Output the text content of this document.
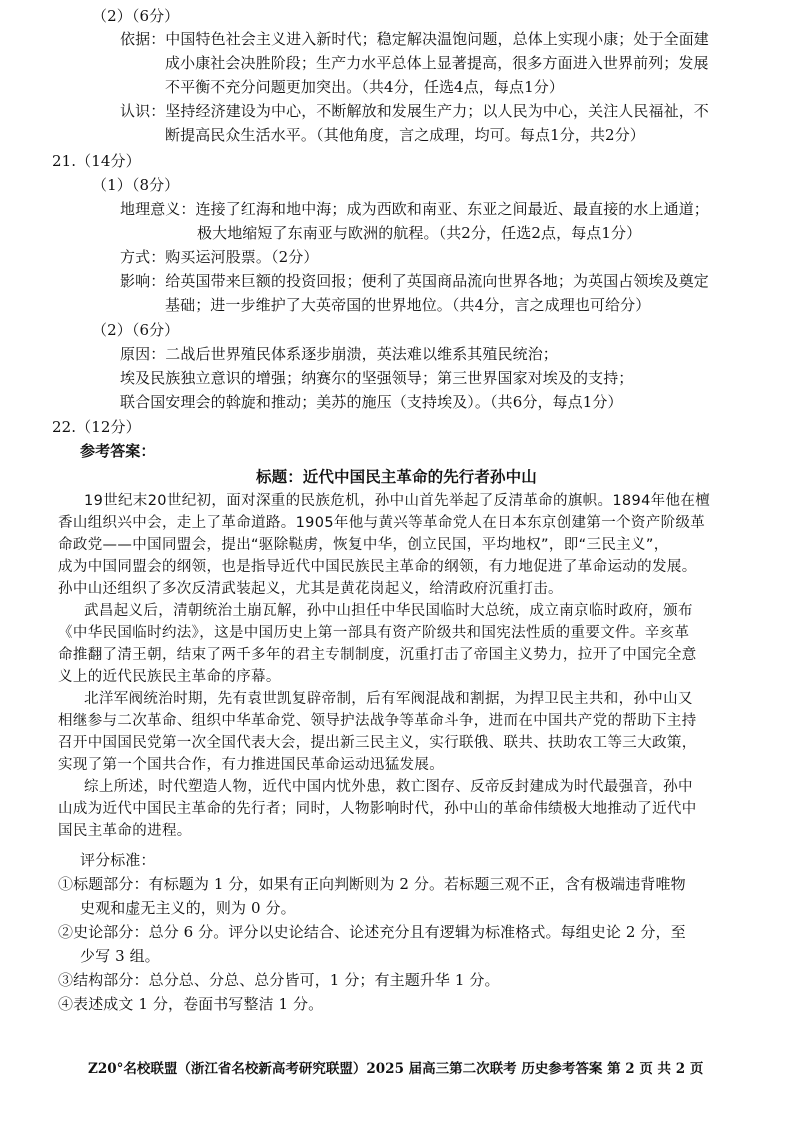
（2）（6分）
依据：中国特色社会主义进入新时代；稳定解决温饱问题，总体上实现小康；处于全面建
成小康社会决胜阶段；生产力水平总体上显著提高，很多方面进入世界前列；发展
不平衡不充分问题更加突出。（共4分，任选4点，每点1分）
认识：坚持经济建设为中心，不断解放和发展生产力；以人民为中心，关注人民福祉，不
断提高民众生活水平。（其他角度，言之成理，均可。每点1分，共2分）
21.（14分）
（1）（8分）
地理意义：连接了红海和地中海；成为西欧和南亚、东亚之间最近、最直接的水上通道；
极大地缩短了东南亚与欧洲的航程。（共2分，任选2点，每点1分）
方式：购买运河股票。（2分）
影响：给英国带来巨额的投资回报；便利了英国商品流向世界各地；为英国占领埃及奠定
基础；进一步维护了大英帝国的世界地位。（共4分，言之成理也可给分）
（2）（6分）
原因：二战后世界殖民体系逐步崩溃，英法难以维系其殖民统治；
埃及民族独立意识的增强；纳赛尔的坚强领导；第三世界国家对埃及的支持；
联合国安理会的斡旋和推动；美苏的施压（支持埃及）。（共6分，每点1分）
22.（12分）
参考答案：
标题：近代中国民主革命的先行者孙中山
19世纪末20世纪初，面对深重的民族危机，孙中山首先举起了反清革命的旗帜。1894年他在檀
香山组织兴中会，走上了革命道路。1905年他与黄兴等革命党人在日本东京创建第一个资产阶级革
命政党——中国同盟会，提出“驱除鞑虏，恢复中华，创立民国，平均地权”，即“三民主义”，
成为中国同盟会的纲领，也是指导近代中国民族民主革命的纲领，有力地促进了革命运动的发展。
孙中山还组织了多次反清武装起义，尤其是黄花岗起义，给清政府沉重打击。
武昌起义后，清朝统治土崩瓦解，孙中山担任中华民国临时大总统，成立南京临时政府，颁布
《中华民国临时约法》，这是中国历史上第一部具有资产阶级共和国宪法性质的重要文件。辛亥革
命推翻了清王朝，结束了两千多年的君主专制制度，沉重打击了帝国主义势力，拉开了中国完全意
义上的近代民族民主革命的序幕。
北洋军阀统治时期，先有袁世凯复辟帝制，后有军阀混战和割据，为捍卫民主共和，孙中山又
相继参与二次革命、组织中华革命党、领导护法战争等革命斗争，进而在中国共产党的帮助下主持
召开中国国民党第一次全国代表大会，提出新三民主义，实行联俄、联共、扶助农工等三大政策，
实现了第一个国共合作，有力推进国民革命运动迅猛发展。
综上所述，时代塑造人物，近代中国内忧外患，救亡图存、反帝反封建成为时代最强音，孙中
山成为近代中国民主革命的先行者；同时，人物影响时代，孙中山的革命伟绩极大地推动了近代中
国民主革命的进程。
评分标准：
①标题部分：有标题为 1 分，如果有正向判断则为 2 分。若标题三观不正，含有极端违背唯物
史观和虚无主义的，则为 0 分。
②史论部分：总分 6 分。评分以史论结合、论述充分且有逻辑为标准格式。每组史论 2 分，至
少写 3 组。
③结构部分：总分总、分总、总分皆可，1 分；有主题升华 1 分。
④表述成文 1 分，卷面书写整洁 1 分。
Z20°名校联盟（浙江省名校新高考研究联盟）2025 届高三第二次联考 历史参考答案 第 2 页 共 2 页
